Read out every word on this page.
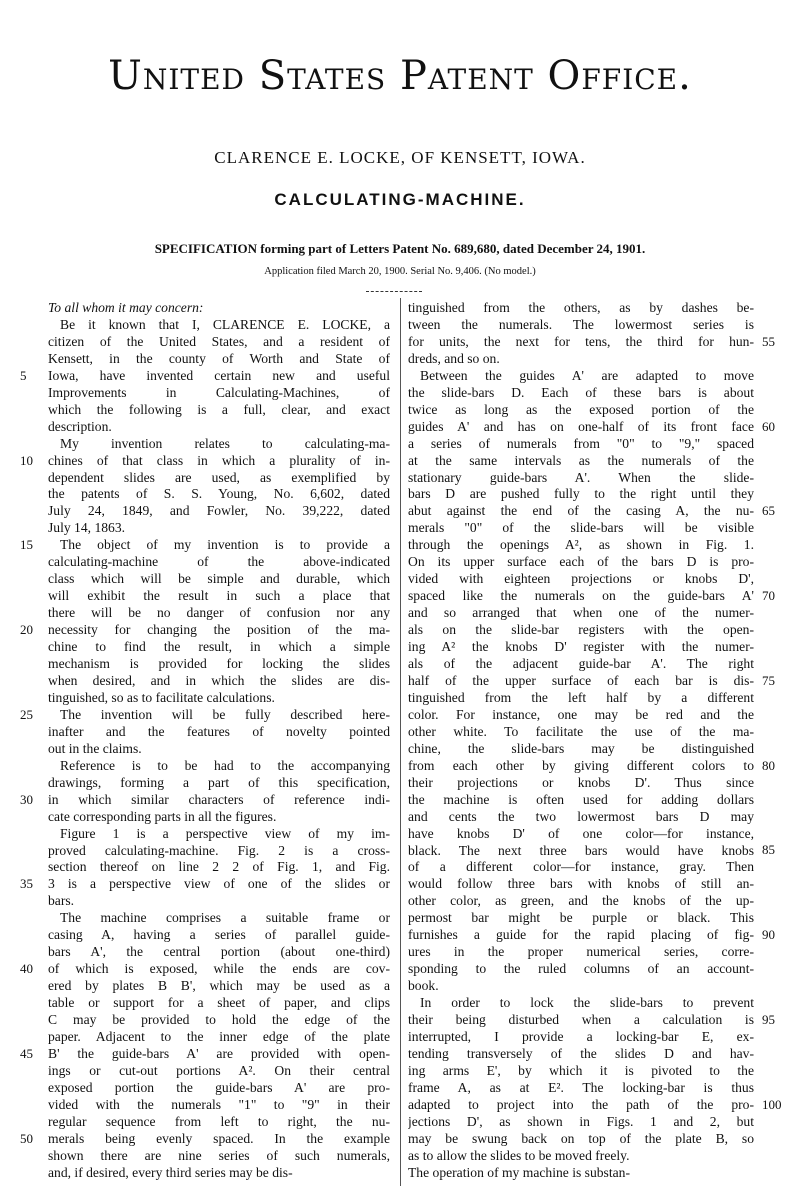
United States Patent Office.
CLARENCE E. LOCKE, OF KENSETT, IOWA.
CALCULATING-MACHINE.
SPECIFICATION forming part of Letters Patent No. 689,680, dated December 24, 1901.
Application filed March 20, 1900. Serial No. 9,406. (No model.)
To all whom it may concern:
Be it known that I, CLARENCE E. LOCKE, a
citizen of the United States, and a resident of
Kensett, in the county of Worth and State of
Iowa, have invented certain new and useful
Improvements in Calculating-Machines, of
which the following is a full, clear, and exact
description.
My invention relates to calculating-ma-
chines of that class in which a plurality of in-
dependent slides are used, as exemplified by
the patents of S. S. Young, No. 6,602, dated
July 24, 1849, and Fowler, No. 39,222, dated
July 14, 1863.
The object of my invention is to provide a
calculating-machine of the above-indicated
class which will be simple and durable, which
will exhibit the result in such a place that
there will be no danger of confusion nor any
necessity for changing the position of the ma-
chine to find the result, in which a simple
mechanism is provided for locking the slides
when desired, and in which the slides are dis-
tinguished, so as to facilitate calculations.
The invention will be fully described here-
inafter and the features of novelty pointed
out in the claims.
Reference is to be had to the accompanying
drawings, forming a part of this specification,
in which similar characters of reference indi-
cate corresponding parts in all the figures.
Figure 1 is a perspective view of my im-
proved calculating-machine. Fig. 2 is a cross-
section thereof on line 2 2 of Fig. 1, and Fig.
3 is a perspective view of one of the slides or
bars.
The machine comprises a suitable frame or
casing A, having a series of parallel guide-
bars A', the central portion (about one-third)
of which is exposed, while the ends are cov-
ered by plates B B', which may be used as a
table or support for a sheet of paper, and clips
C may be provided to hold the edge of the
paper. Adjacent to the inner edge of the plate
B' the guide-bars A' are provided with open-
ings or cut-out portions A². On their central
exposed portion the guide-bars A' are pro-
vided with the numerals "1" to "9" in their
regular sequence from left to right, the nu-
merals being evenly spaced. In the example
shown there are nine series of such numerals,
and, if desired, every third series may be dis-
tinguished from the others, as by dashes be-
tween the numerals. The lowermost series is
for units, the next for tens, the third for hun-
dreds, and so on.
Between the guides A' are adapted to move
the slide-bars D. Each of these bars is about
twice as long as the exposed portion of the
guides A' and has on one-half of its front face
a series of numerals from "0" to "9," spaced
at the same intervals as the numerals of the
stationary guide-bars A'. When the slide-
bars D are pushed fully to the right until they
abut against the end of the casing A, the nu-
merals "0" of the slide-bars will be visible
through the openings A², as shown in Fig. 1.
On its upper surface each of the bars D is pro-
vided with eighteen projections or knobs D',
spaced like the numerals on the guide-bars A'
and so arranged that when one of the numer-
als on the slide-bar registers with the open-
ing A² the knobs D' register with the numer-
als of the adjacent guide-bar A'. The right
half of the upper surface of each bar is dis-
tinguished from the left half by a different
color. For instance, one may be red and the
other white. To facilitate the use of the ma-
chine, the slide-bars may be distinguished
from each other by giving different colors to
their projections or knobs D'. Thus since
the machine is often used for adding dollars
and cents the two lowermost bars D may
have knobs D' of one color—for instance,
black. The next three bars would have knobs
of a different color—for instance, gray. Then
would follow three bars with knobs of still an-
other color, as green, and the knobs of the up-
permost bar might be purple or black. This
furnishes a guide for the rapid placing of fig-
ures in the proper numerical series, corre-
sponding to the ruled columns of an account-
book.
In order to lock the slide-bars to prevent
their being disturbed when a calculation is
interrupted, I provide a locking-bar E, ex-
tending transversely of the slides D and hav-
ing arms E', by which it is pivoted to the
frame A, as at E². The locking-bar is thus
adapted to project into the path of the pro-
jections D', as shown in Figs. 1 and 2, but
may be swung back on top of the plate B, so
as to allow the slides to be moved freely.
The operation of my machine is substan-
5
10
15
20
25
30
35
40
45
50
55
60
65
70
75
80
85
90
95
100
